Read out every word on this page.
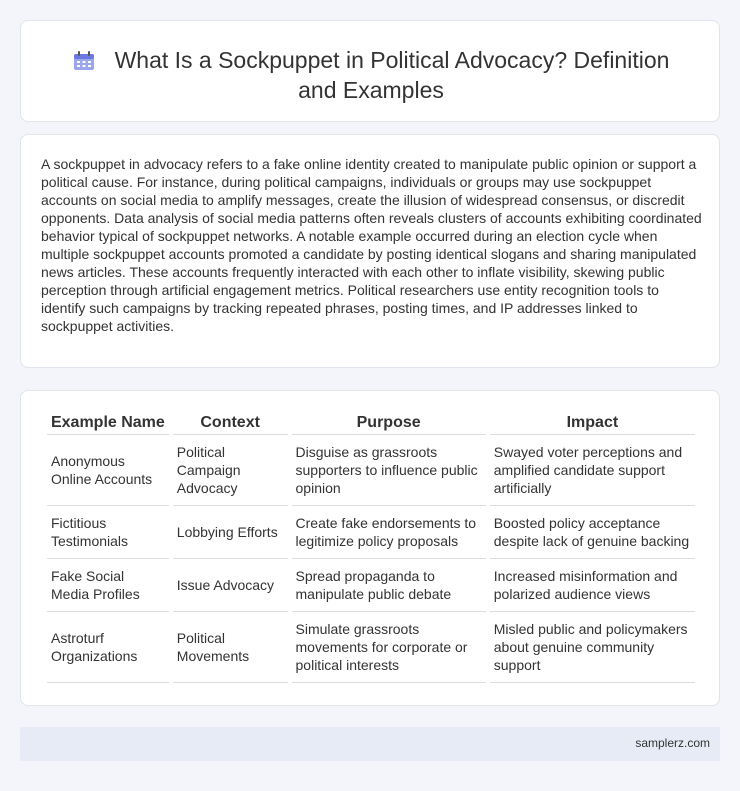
What Is a Sockpuppet in Political Advocacy? Definition and Examples

A sockpuppet in advocacy refers to a fake online identity created to manipulate public opinion or support a political cause. For instance, during political campaigns, individuals or groups may use sockpuppet accounts on social media to amplify messages, create the illusion of widespread consensus, or discredit opponents. Data analysis of social media patterns often reveals clusters of accounts exhibiting coordinated behavior typical of sockpuppet networks. A notable example occurred during an election cycle when multiple sockpuppet accounts promoted a candidate by posting identical slogans and sharing manipulated news articles. These accounts frequently interacted with each other to inflate visibility, skewing public perception through artificial engagement metrics. Political researchers use entity recognition tools to identify such campaigns by tracking repeated phrases, posting times, and IP addresses linked to sockpuppet activities.

Example Name	Context	Purpose	Impact
Anonymous Online Accounts	Political Campaign Advocacy	Disguise as grassroots supporters to influence public opinion	Swayed voter perceptions and amplified candidate support artificially
Fictitious Testimonials	Lobbying Efforts	Create fake endorsements to legitimize policy proposals	Boosted policy acceptance despite lack of genuine backing
Fake Social Media Profiles	Issue Advocacy	Spread propaganda to manipulate public debate	Increased misinformation and polarized audience views
Astroturf Organizations	Political Movements	Simulate grassroots movements for corporate or political interests	Misled public and policymakers about genuine community support
samplerz.com
